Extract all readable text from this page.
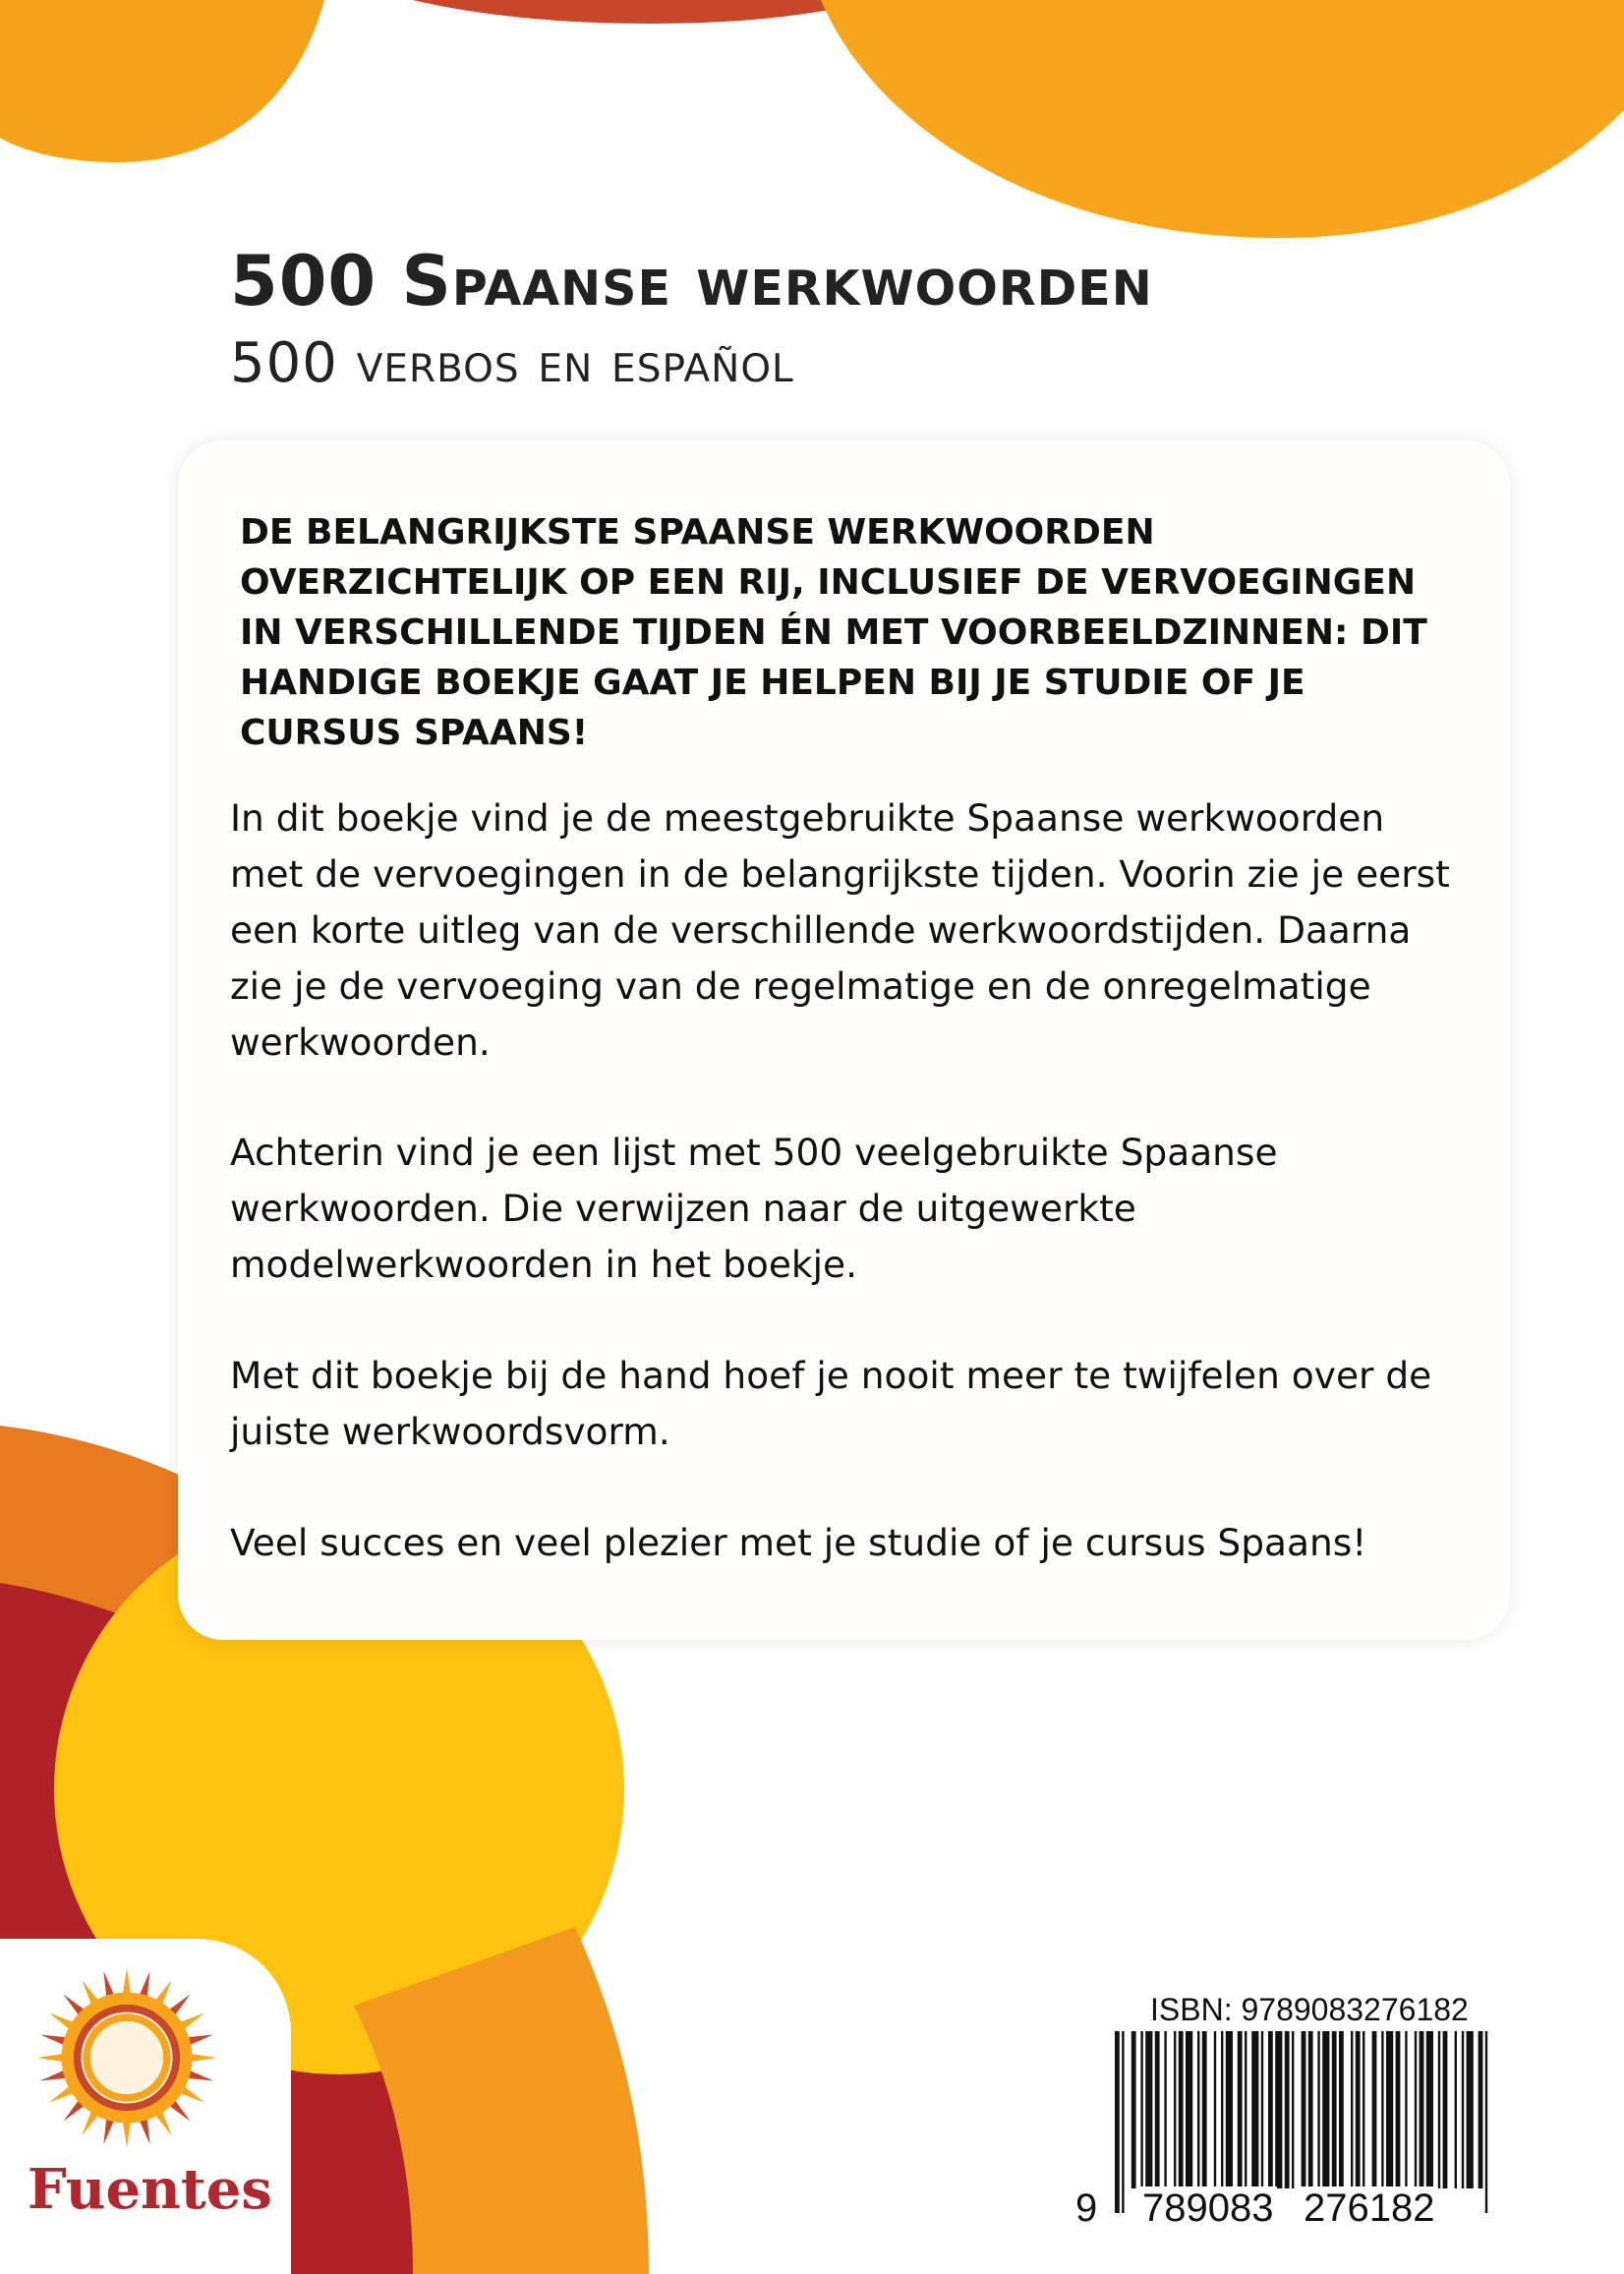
500 Spaanse werkwoorden

500 verbos en español

DE BELANGRIJKSTE SPAANSE WERKWOORDEN OVERZICHTELIJK OP EEN RIJ, INCLUSIEF DE VERVOEGINGEN IN VERSCHILLENDE TIJDEN ÉN MET VOORBEELDZINNEN: DIT HANDIGE BOEKJE GAAT JE HELPEN BIJ JE STUDIE OF JE CURSUS SPAANS!

In dit boekje vind je de meestgebruikte Spaanse werkwoorden met de vervoegingen in de belangrijkste tijden. Voorin zie je eerst een korte uitleg van de verschillende werkwoordstijden. Daarna zie je de vervoeging van de regelmatige en de onregelmatige werkwoorden.

Achterin vind je een lijst met 500 veelgebruikte Spaanse werkwoorden. Die verwijzen naar de uitgewerkte modelwerkwoorden in het boekje.

Met dit boekje bij de hand hoef je nooit meer te twijfelen over de juiste werkwoordsvorm.

Veel succes en veel plezier met je studie of je cursus Spaans!

Fuentes

ISBN: 9789083276182

9 789083 276182
